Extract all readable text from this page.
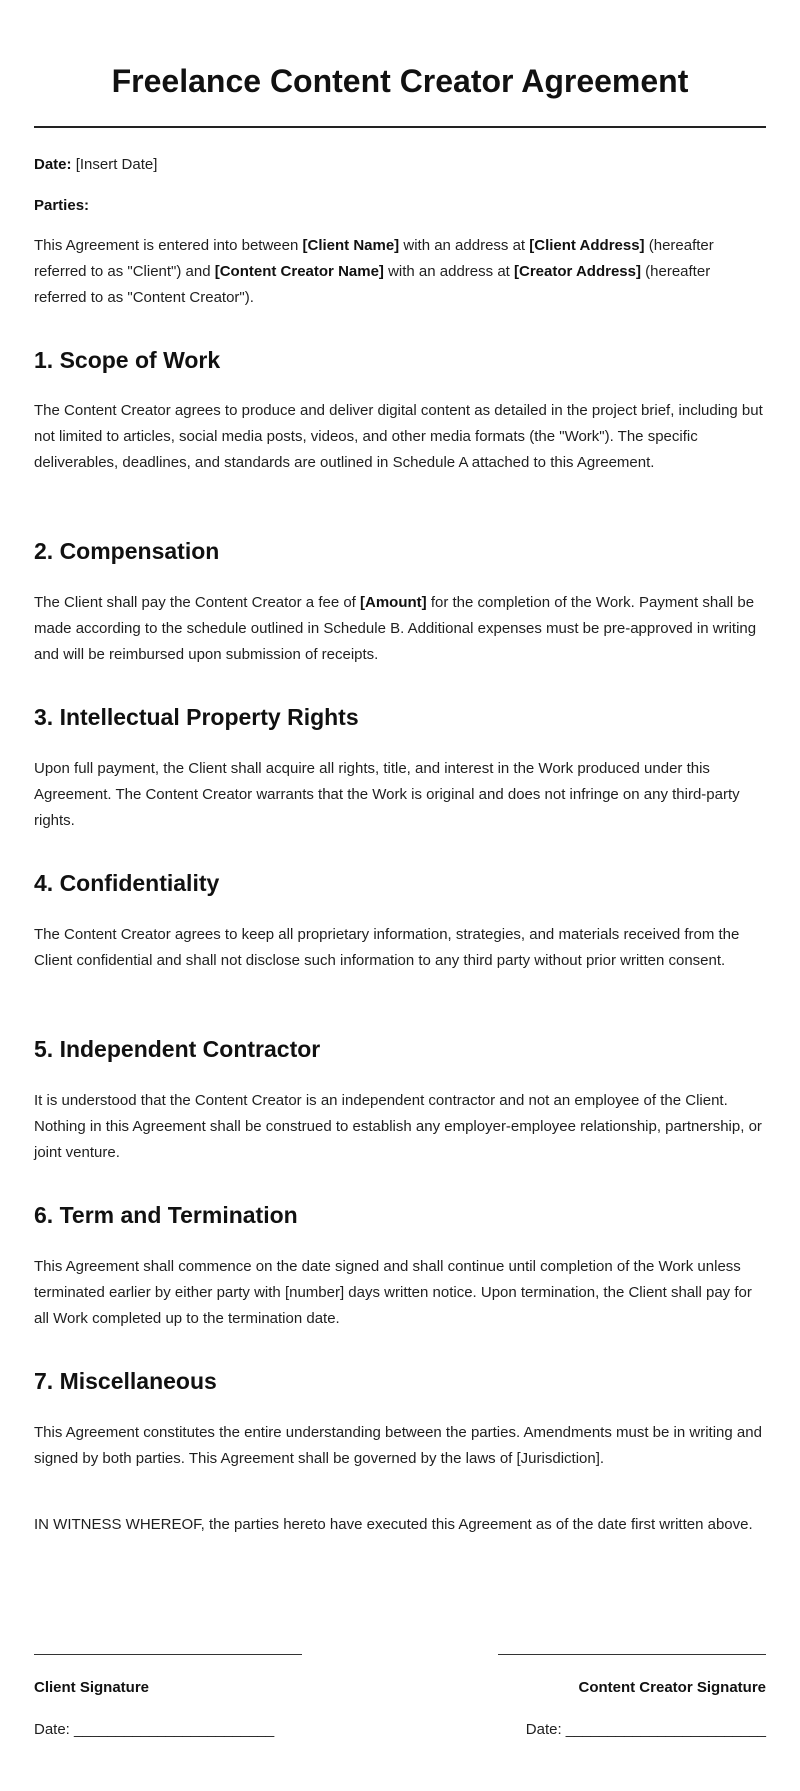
Freelance Content Creator Agreement

Date: [Insert Date]

Parties:

This Agreement is entered into between [Client Name] with an address at [Client Address] (hereafter referred to as "Client") and [Content Creator Name] with an address at [Creator Address] (hereafter referred to as "Content Creator").

1. Scope of Work

The Content Creator agrees to produce and deliver digital content as detailed in the project brief, including but not limited to articles, social media posts, videos, and other media formats (the "Work"). The specific deliverables, deadlines, and standards are outlined in Schedule A attached to this Agreement.

2. Compensation

The Client shall pay the Content Creator a fee of [Amount] for the completion of the Work. Payment shall be made according to the schedule outlined in Schedule B. Additional expenses must be pre-approved in writing and will be reimbursed upon submission of receipts.

3. Intellectual Property Rights

Upon full payment, the Client shall acquire all rights, title, and interest in the Work produced under this Agreement. The Content Creator warrants that the Work is original and does not infringe on any third-party rights.

4. Confidentiality

The Content Creator agrees to keep all proprietary information, strategies, and materials received from the Client confidential and shall not disclose such information to any third party without prior written consent.

5. Independent Contractor

It is understood that the Content Creator is an independent contractor and not an employee of the Client. Nothing in this Agreement shall be construed to establish any employer-employee relationship, partnership, or joint venture.

6. Term and Termination

This Agreement shall commence on the date signed and shall continue until completion of the Work unless terminated earlier by either party with [number] days written notice. Upon termination, the Client shall pay for all Work completed up to the termination date.

7. Miscellaneous

This Agreement constitutes the entire understanding between the parties. Amendments must be in writing and signed by both parties. This Agreement shall be governed by the laws of [Jurisdiction].

IN WITNESS WHEREOF, the parties hereto have executed this Agreement as of the date first written above.

Client Signature	Content Creator Signature
Date: ________________________	Date: ________________________
